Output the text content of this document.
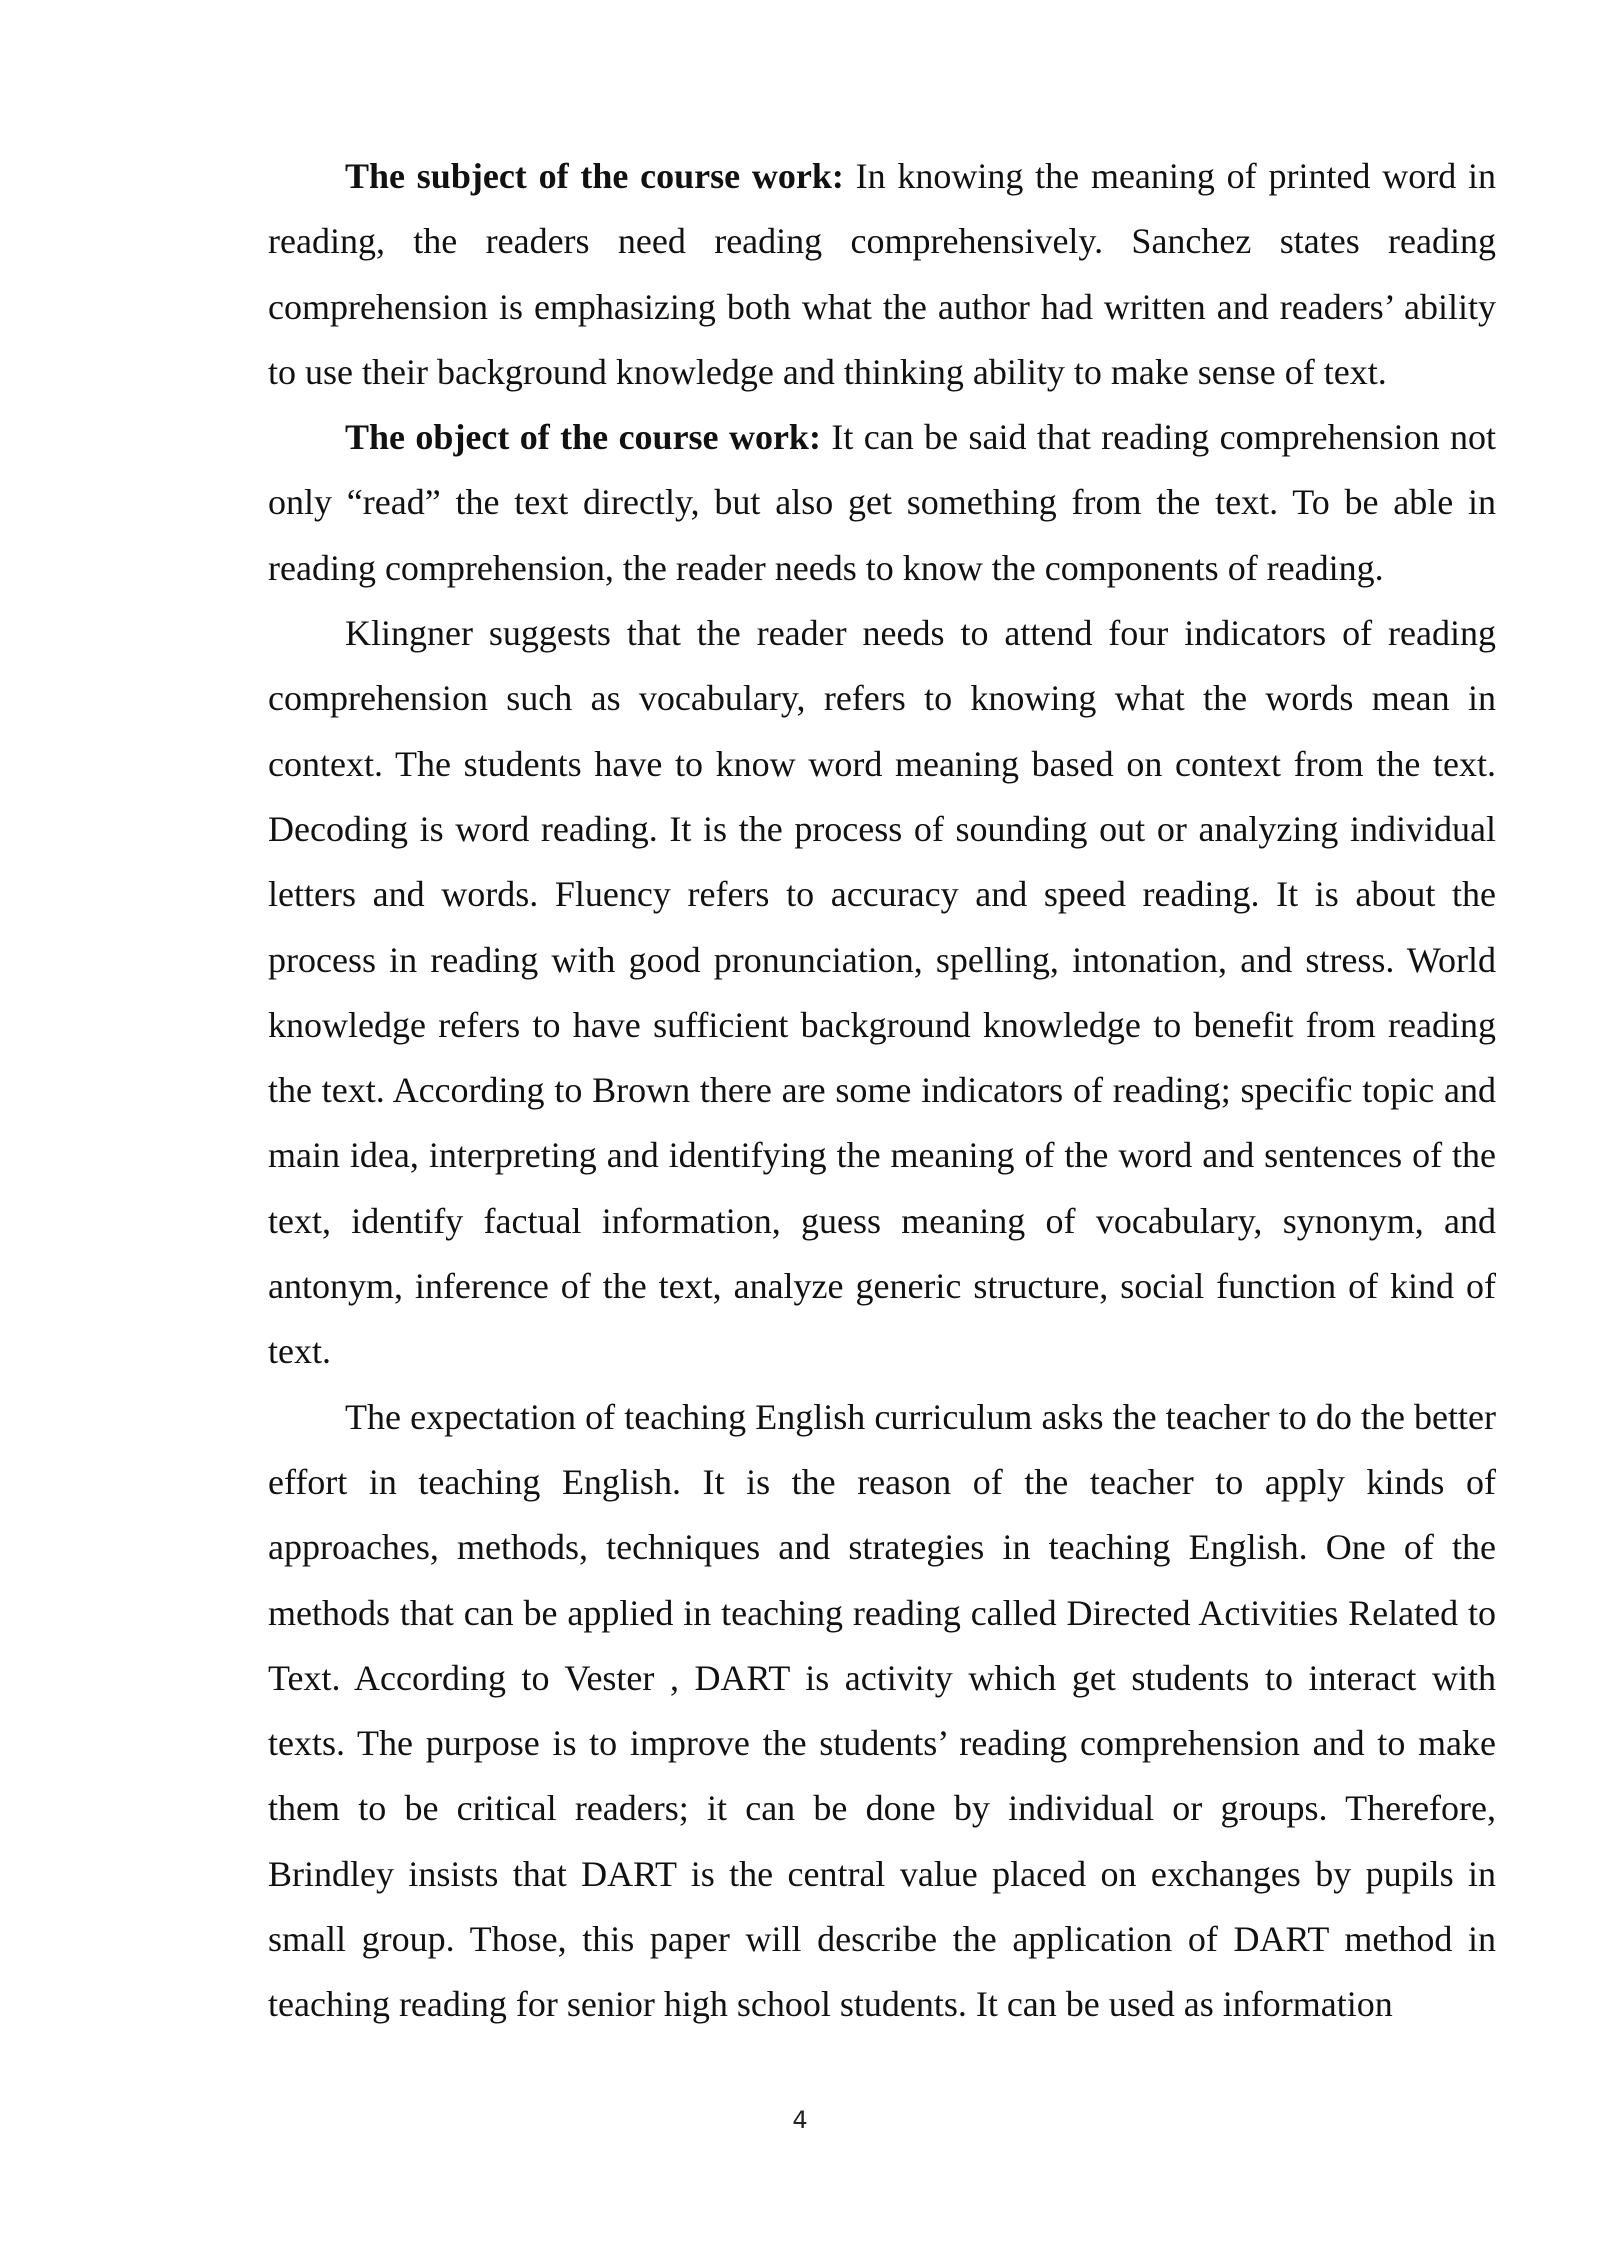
The subject of the course work: In knowing the meaning of printed word in reading, the readers need reading comprehensively. Sanchez states reading comprehension is emphasizing both what the author had written and readers’ ability to use their background knowledge and thinking ability to make sense of text.

The object of the course work: It can be said that reading comprehension not only “read” the text directly, but also get something from the text. To be able in reading comprehension, the reader needs to know the components of reading.

Klingner suggests that the reader needs to attend four indicators of reading comprehension such as vocabulary, refers to knowing what the words mean in context. The students have to know word meaning based on context from the text. Decoding is word reading. It is the process of sounding out or analyzing individual letters and words. Fluency refers to accuracy and speed reading. It is about the process in reading with good pronunciation, spelling, intonation, and stress. World knowledge refers to have sufficient background knowledge to benefit from reading the text. According to Brown there are some indicators of reading; specific topic and main idea, interpreting and identifying the meaning of the word and sentences of the text, identify factual information, guess meaning of vocabulary, synonym, and antonym, inference of the text, analyze generic structure, social function of kind of text.

The expectation of teaching English curriculum asks the teacher to do the better effort in teaching English. It is the reason of the teacher to apply kinds of approaches, methods, techniques and strategies in teaching English. One of the methods that can be applied in teaching reading called Directed Activities Related to Text. According to Vester , DART is activity which get students to interact with texts. The purpose is to improve the students’ reading comprehension and to make them to be critical readers; it can be done by individual or groups. Therefore, Brindley insists that DART is the central value placed on exchanges by pupils in small group. Those, this paper will describe the application of DART method in teaching reading for senior high school students. It can be used as information

4
